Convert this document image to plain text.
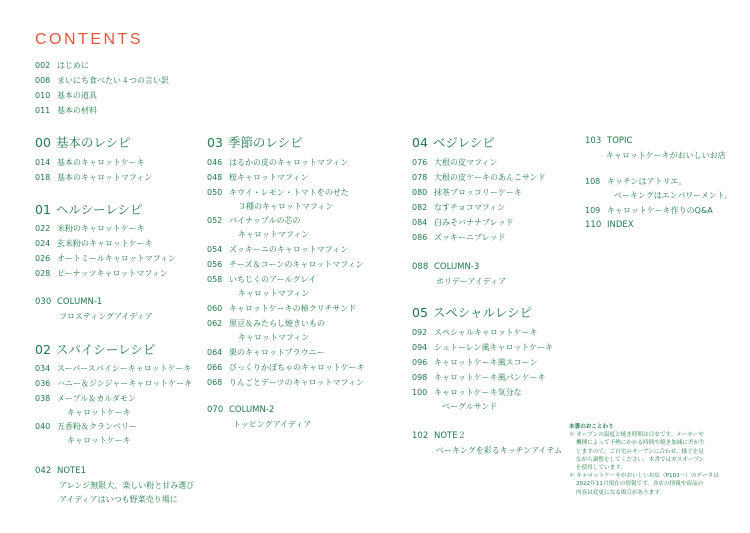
CONTENTS
002 はじめに
008 まいにち食べたい４つの言い訳
010 基本の道具
011 基本の材料
00 基本のレシピ
014 基本のキャロットケーキ
018 基本のキャロットマフィン
01 ヘルシーレシピ
022 米粉のキャロットケーキ
024 玄米粉のキャロットケーキ
026 オートミールキャロットマフィン
028 ピーナッツキャロットマフィン
030 COLUMN-1
フロスティングアイディア
02 スパイシーレシピ
034 スーパースパイシーキャロットケーキ
036 ハニー＆ジンジャーキャロットケーキ
038 メープル＆カルダモン
キャロットケーキ
040 五香粉＆クランベリー
キャロットケーキ
042 NOTE1
アレンジ無限大、楽しい粉と甘み選び
アイディアはいつも野菜売り場に
03 季節のレシピ
046 はるかの皮のキャロットマフィン
048 桜キャロットマフィン
050 キウイ・レモン・トマトをのせた
３種のキャロットマフィン
052 パイナップルの芯の
キャロットマフィン
054 ズッキーニのキャロットマフィン
056 チーズ＆コーンのキャロットマフィン
058 いちじくのアールグレイ
キャロットマフィン
060 キャロットケーキの柿クリチサンド
062 黒豆＆みたらし焼きいもの
キャロットマフィン
064 栗のキャロットブラウニー
066 びっくりかぼちゃのキャロットケーキ
068 りんごとデーツのキャロットマフィン
070 COLUMN-2
トッピングアイディア
04 ベジレシピ
076 大根の皮マフィン
078 大根の皮ケーキのあんこサンド
080 抹茶ブロッコリーケーキ
082 なすチョコマフィン
084 白みそバナナブレッド
086 ズッキーニブレッド
088 COLUMN-3
ホリデーアイディア
05 スペシャルレシピ
092 スペシャルキャロットケーキ
094 シュトーレン風キャロットケーキ
096 キャロットケーキ風スコーン
098 キャロットケーキ風パンケーキ
100 キャロットケーキ気分な
ベーグルサンド
102 NOTE２
ベーキングを彩るキッチンアイテム
103 TOPIC
キャロットケーキがおいしいお店
108 キッチンはアトリエ。
ベーキングはエンパワーメント。
109 キャロットケーキ作りのQ&A
110 INDEX
本書のおことわり
＊ オーブンの温度と焼き時間は目安です。メーカーや
機種によって予熱にかかる時間や焼き加減に差が生
じますので、ご自宅のオーブンに合わせ、様子を見
ながら調整をしてください。本書ではガスオーブン
を使用しています。
＊ キャロットケーキがおいしいお店（P103～）のデータは
2022年11月現在の情報です。各店の情報や商品の
内容は変更になる場合があります。
